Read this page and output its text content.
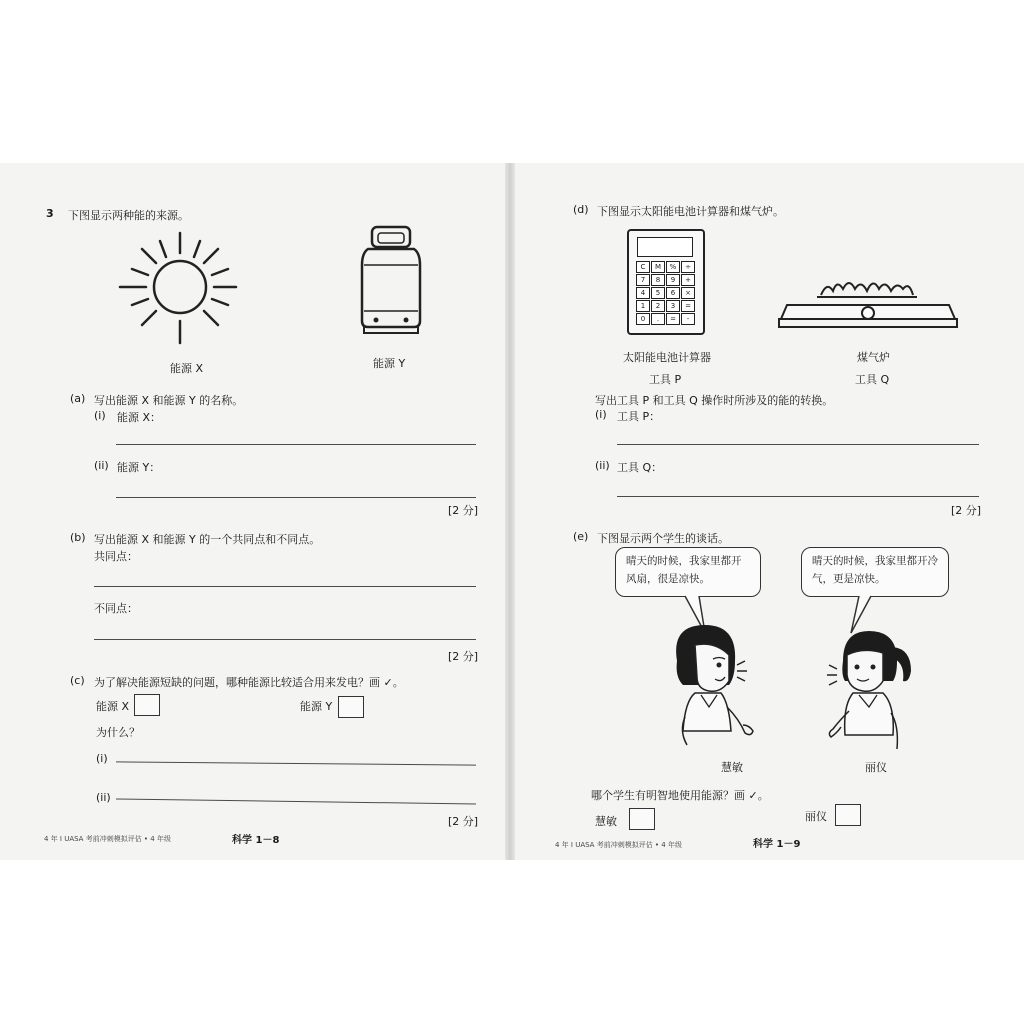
3 下图显示两种能的来源。
能源 X	能源 Y
(a) 写出能源 X 和能源 Y 的名称。
(i) 能源 X：
(ii) 能源 Y：
[2 分]
(b) 写出能源 X 和能源 Y 的一个共同点和不同点。
共同点：
不同点：
[2 分]
(c) 为了解决能源短缺的问题，哪种能源比较适合用来发电？画 ✓。
能源 X	能源 Y
为什么？
(i)
(ii)
[2 分]
4 年 I UASA 考前冲刺模拟评估 • 4 年级	科学 1－8
(d) 下图显示太阳能电池计算器和煤气炉。
C	M	%	÷
7	8	9	+
4	5	6	×
1	2	3	=
0	.	=	-
太阳能电池计算器
工具 P
煤气炉
工具 Q
写出工具 P 和工具 Q 操作时所涉及的能的转换。
(i) 工具 P：
(ii) 工具 Q：
[2 分]
(e) 下图显示两个学生的谈话。
晴天的时候，我家里都开风扇，很是凉快。
晴天的时候，我家里都开冷气，更是凉快。
慧敏	丽仪
哪个学生有明智地使用能源？画 ✓。
慧敏	丽仪
4 年 I UASA 考前冲刺模拟评估 • 4 年级	科学 1－9
